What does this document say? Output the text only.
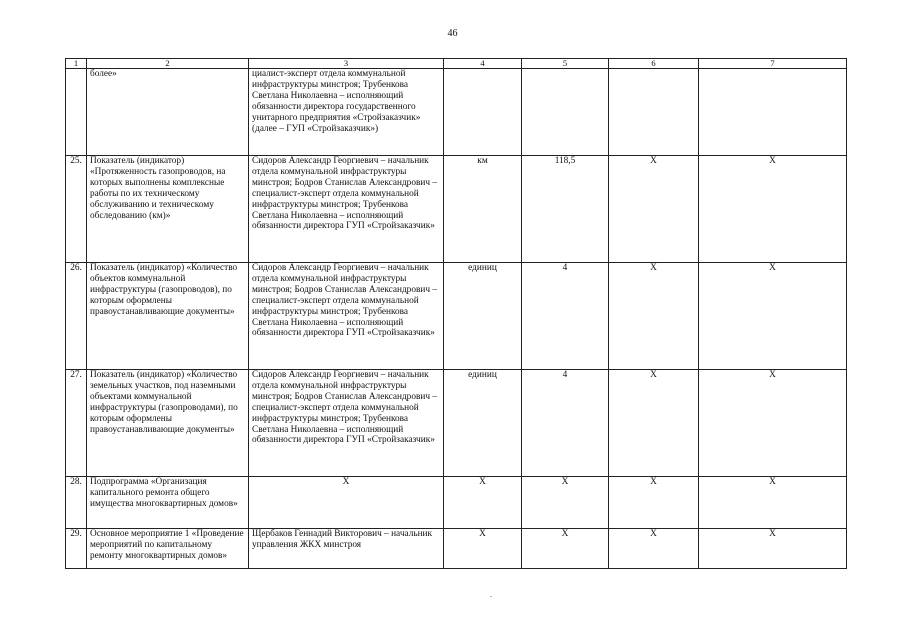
46
1	2	3	4	5	6	7
	более»	циалист-эксперт отдела коммунальной инфраструктуры минстроя; Трубенкова Светлана Николаевна – исполняющий обязанности директора государственного унитарного предприятия «Стройзаказчик» (далее – ГУП «Стройзаказчик»)				
25.	Показатель (индикатор) «Протяженность газопроводов, на которых выполнены комплексные работы по их техническому обслуживанию и техническому обследованию (км)»	Сидоров Александр Георгиевич – начальник отдела коммунальной инфраструктуры минстроя; Бодров Станислав Александрович – специалист-эксперт отдела коммунальной инфраструктуры минстроя; Трубенкова Светлана Николаевна – исполняющий обязанности директора ГУП «Стройзаказчик»	км	118,5	Х	Х
26.	Показатель (индикатор) «Количество объектов коммунальной инфраструктуры (газопроводов), по которым оформлены правоустанавливающие документы»	Сидоров Александр Георгиевич – начальник отдела коммунальной инфраструктуры минстроя; Бодров Станислав Александрович – специалист-эксперт отдела коммунальной инфраструктуры минстроя; Трубенкова Светлана Николаевна – исполняющий обязанности директора ГУП «Стройзаказчик»	единиц	4	Х	Х
27.	Показатель (индикатор) «Количество земельных участков, под наземными объектами коммунальной инфраструктуры (газопроводами), по которым оформлены правоустанавливающие документы»	Сидоров Александр Георгиевич – начальник отдела коммунальной инфраструктуры минстроя; Бодров Станислав Александрович – специалист-эксперт отдела коммунальной инфраструктуры минстроя; Трубенкова Светлана Николаевна – исполняющий обязанности директора ГУП «Стройзаказчик»	единиц	4	Х	Х
28.	Подпрограмма «Организация капитального ремонта общего имущества многоквартирных домов»	Х	Х	Х	Х	Х
29.	Основное мероприятие 1 «Проведение мероприятий по капитальному ремонту многоквартирных домов»	Щербаков Геннадий Викторович – начальник управления ЖКХ минстроя	Х	Х	Х	Х
